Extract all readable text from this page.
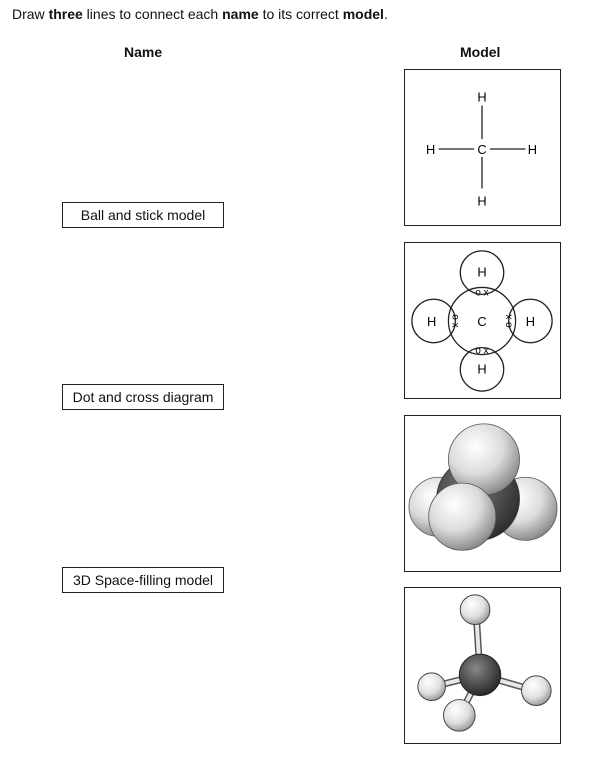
Draw three lines to connect each name to its correct model.
Name	Model
Ball and stick model
Dot and cross diagram
3D Space-filling model
H
H	C	H
H
H
H
H	H
C
o x
o x
o x	o x
